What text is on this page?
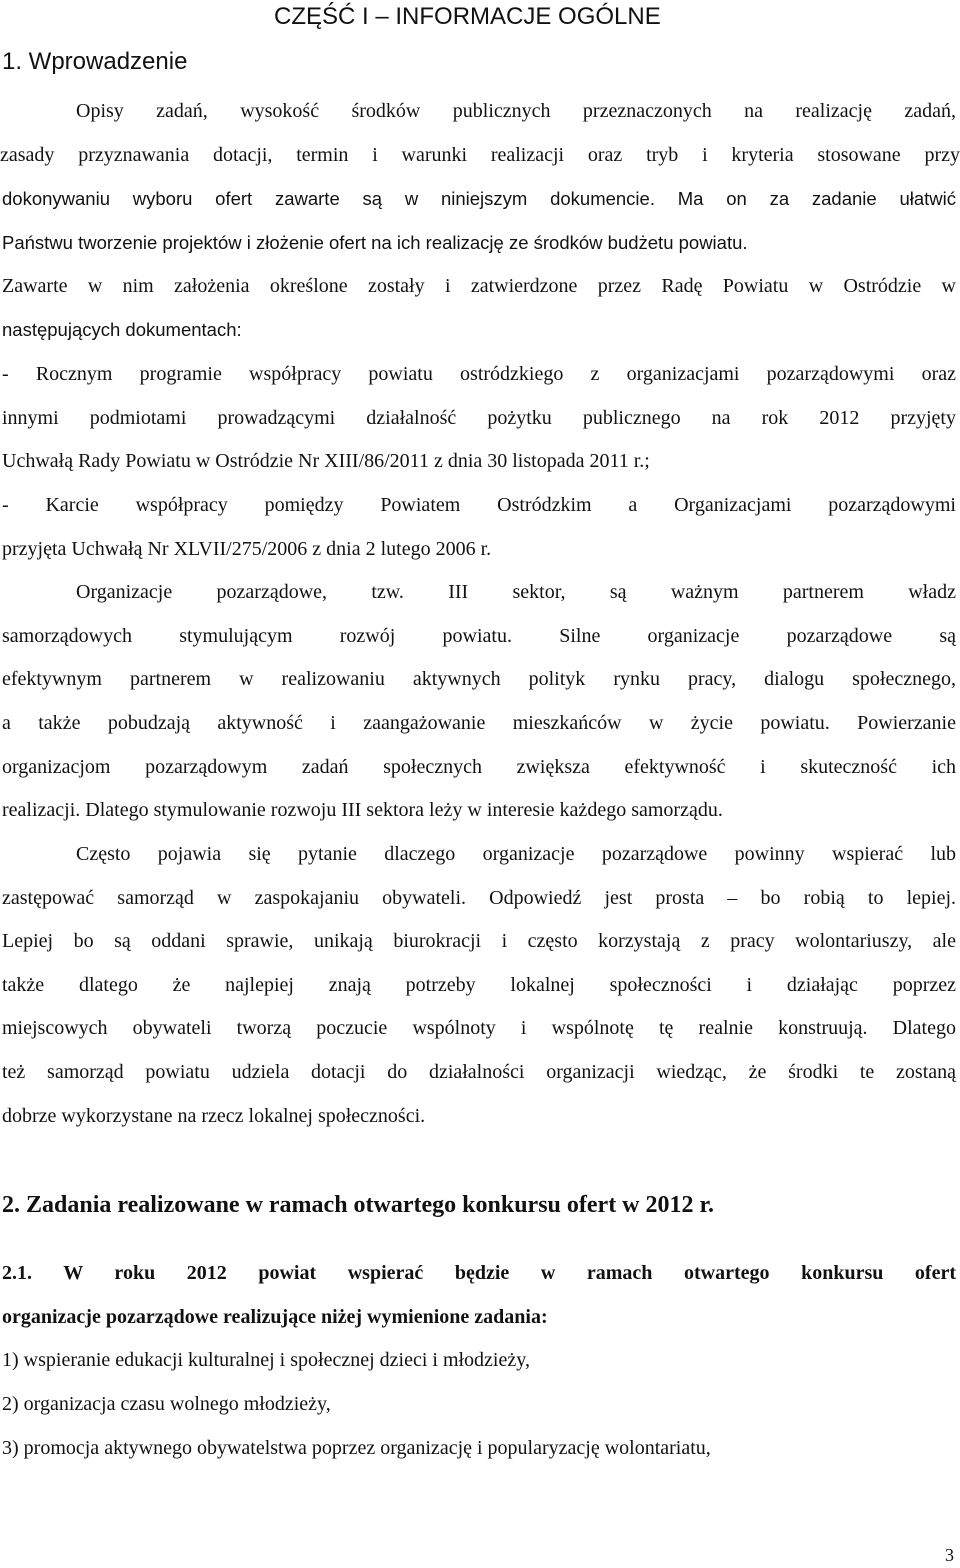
CZĘŚĆ I – INFORMACJE OGÓLNE
1. Wprowadzenie
Opisy zadań, wysokość środków publicznych przeznaczonych na realizację zadań,
zasady przyznawania dotacji, termin i warunki realizacji oraz tryb i kryteria stosowane przy
dokonywaniu wyboru ofert zawarte są w niniejszym dokumencie. Ma on za zadanie ułatwić
Państwu tworzenie projektów i złożenie ofert na ich realizację ze środków budżetu powiatu.
Zawarte w nim założenia określone zostały i zatwierdzone przez Radę Powiatu w Ostródzie w
następujących dokumentach:
- Rocznym programie współpracy powiatu ostródzkiego z organizacjami pozarządowymi oraz
innymi podmiotami prowadzącymi działalność pożytku publicznego na rok 2012 przyjęty
Uchwałą Rady Powiatu w Ostródzie Nr XIII/86/2011 z dnia 30 listopada 2011 r.;
- Karcie współpracy pomiędzy Powiatem Ostródzkim a Organizacjami pozarządowymi
przyjęta Uchwałą Nr XLVII/275/2006 z dnia 2 lutego 2006 r.
Organizacje pozarządowe, tzw. III sektor, są ważnym partnerem władz
samorządowych stymulującym rozwój powiatu. Silne organizacje pozarządowe są
efektywnym partnerem w realizowaniu aktywnych polityk rynku pracy, dialogu społecznego,
a także pobudzają aktywność i zaangażowanie mieszkańców w życie powiatu. Powierzanie
organizacjom pozarządowym zadań społecznych zwiększa efektywność i skuteczność ich
realizacji. Dlatego stymulowanie rozwoju III sektora leży w interesie każdego samorządu.
Często pojawia się pytanie dlaczego organizacje pozarządowe powinny wspierać lub
zastępować samorząd w zaspokajaniu obywateli. Odpowiedź jest prosta – bo robią to lepiej.
Lepiej bo są oddani sprawie, unikają biurokracji i często korzystają z pracy wolontariuszy, ale
także dlatego że najlepiej znają potrzeby lokalnej społeczności i działając poprzez
miejscowych obywateli tworzą poczucie wspólnoty i wspólnotę tę realnie konstruują. Dlatego
też samorząd powiatu udziela dotacji do działalności organizacji wiedząc, że środki te zostaną
dobrze wykorzystane na rzecz lokalnej społeczności.
2. Zadania realizowane w ramach otwartego konkursu ofert w 2012 r.
2.1. W roku 2012 powiat wspierać będzie w ramach otwartego konkursu ofert
organizacje pozarządowe realizujące niżej wymienione zadania:
1) wspieranie edukacji kulturalnej i społecznej dzieci i młodzieży,
2) organizacja czasu wolnego młodzieży,
3) promocja aktywnego obywatelstwa poprzez organizację i popularyzację wolontariatu,
3
